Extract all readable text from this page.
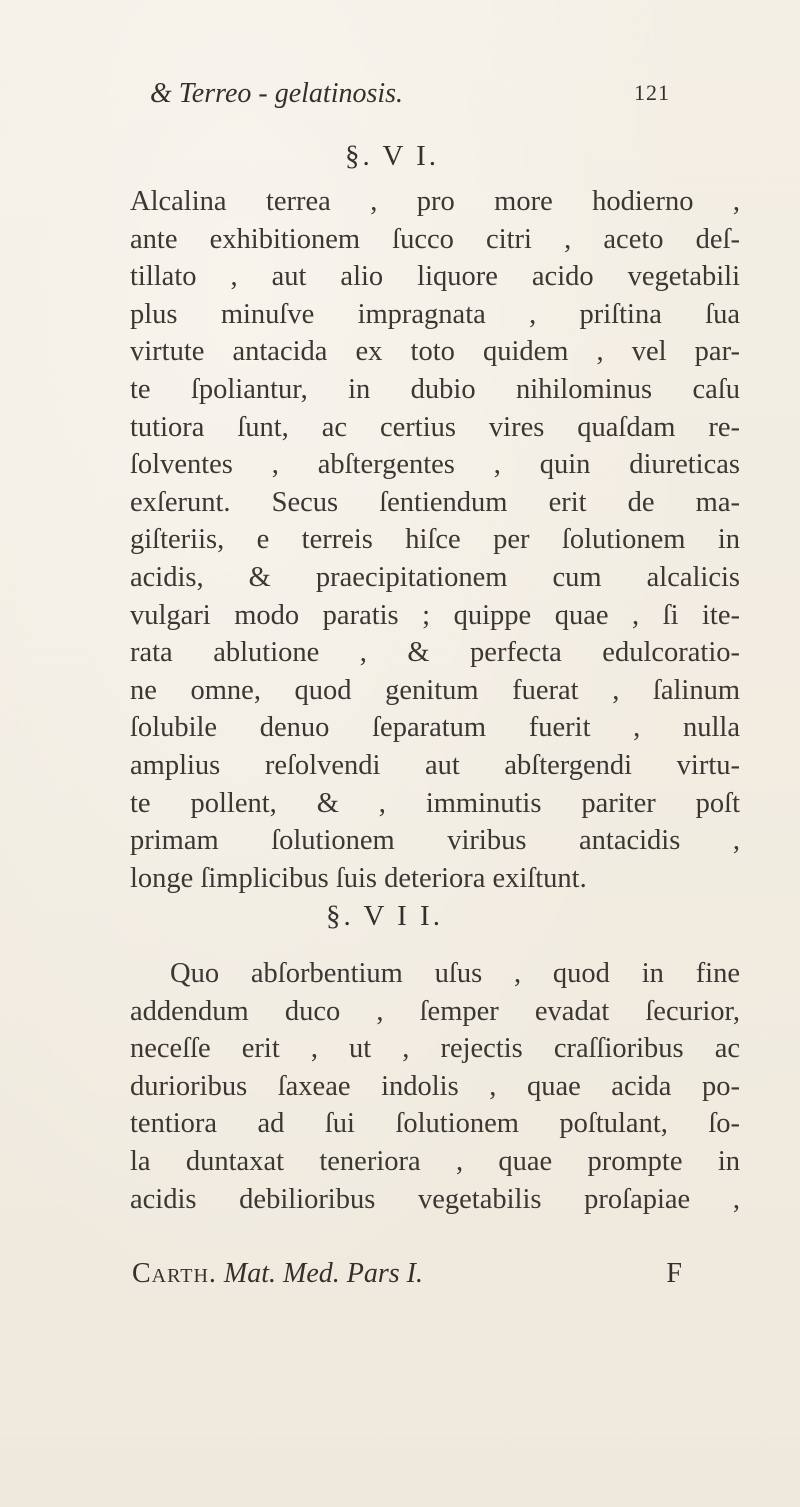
& Terreo - gelatinosis.	121
§. V I.
Alcalina terrea , pro more hodierno ,
ante exhibitionem ſucco citri , aceto deſ-
tillato , aut alio liquore acido vegetabili
plus minuſve impragnata , priſtina ſua
virtute antacida ex toto quidem , vel par-
te ſpoliantur, in dubio nihilominus caſu
tutiora ſunt, ac certius vires quaſdam re-
ſolventes , abſtergentes , quin diureticas
exſerunt. Secus ſentiendum erit de ma-
giſteriis, e terreis hiſce per ſolutionem in
acidis, & praecipitationem cum alcalicis
vulgari modo paratis ; quippe quae , ſi ite-
rata ablutione , & perfecta edulcoratio-
ne omne, quod genitum fuerat , ſalinum
ſolubile denuo ſeparatum fuerit , nulla
amplius reſolvendi aut abſtergendi virtu-
te pollent, & , imminutis pariter poſt
primam ſolutionem viribus antacidis ,
longe ſimplicibus ſuis deteriora exiſtunt.
§. V I I.
Quo abſorbentium uſus , quod in fine
addendum duco , ſemper evadat ſecurior,
neceſſe erit , ut , rejectis craſſioribus ac
durioribus ſaxeae indolis , quae acida po-
tentiora ad ſui ſolutionem poſtulant, ſo-
la duntaxat teneriora , quae prompte in
acidis debilioribus vegetabilis proſapiae ,
Carth. Mat. Med. Pars I.	F
